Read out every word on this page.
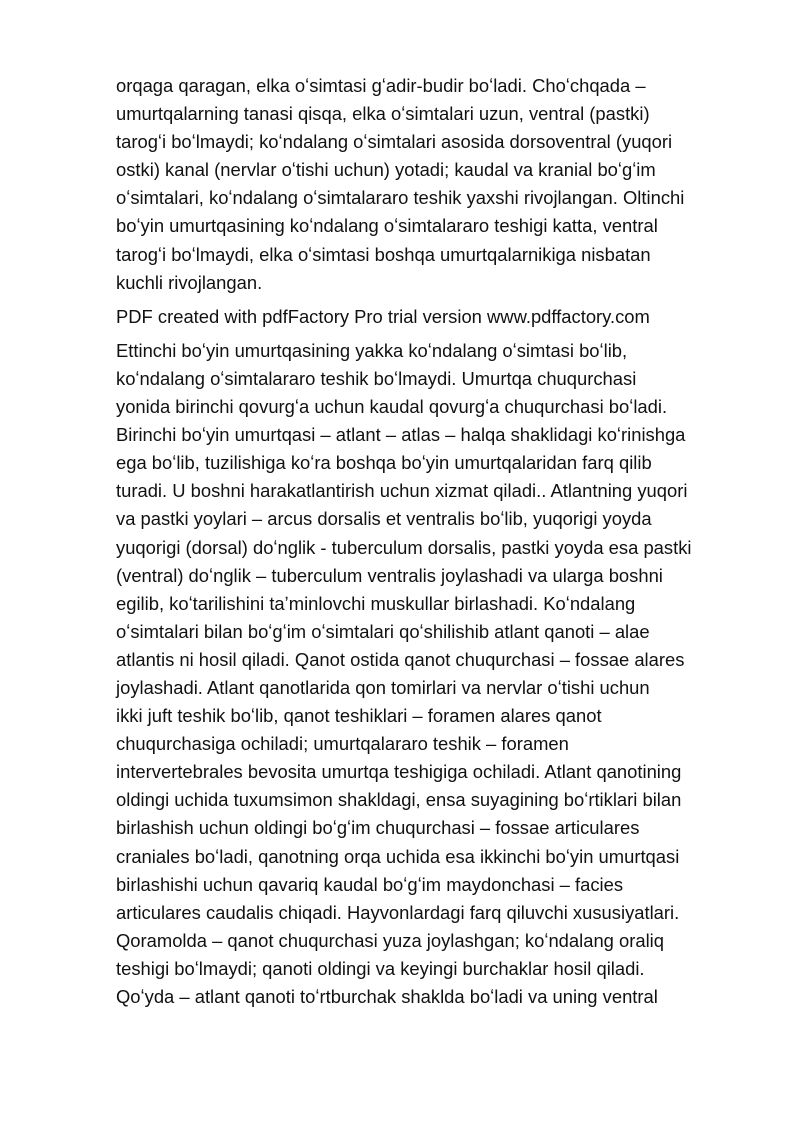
orqaga qaragan, elka oʻsimtasi gʻadir-budir boʻladi. Choʻchqada –
umurtqalarning tanasi qisqa, elka oʻsimtalari uzun, ventral (pastki)
tarogʻi boʻlmaydi; koʻndalang oʻsimtalari asosida dorsoventral (yuqori
ostki) kanal (nervlar oʻtishi uchun) yotadi; kaudal va kranial boʻgʻim
oʻsimtalari, koʻndalang oʻsimtalararo teshik yaxshi rivojlangan. Oltinchi
boʻyin umurtqasining koʻndalang oʻsimtalararo teshigi katta, ventral
tarogʻi boʻlmaydi, elka oʻsimtasi boshqa umurtqalarnikiga nisbatan
kuchli rivojlangan.

PDF created with pdfFactory Pro trial version www.pdffactory.com

Ettinchi boʻyin umurtqasining yakka koʻndalang oʻsimtasi boʻlib,
koʻndalang oʻsimtalararo teshik boʻlmaydi. Umurtqa chuqurchasi
yonida birinchi qovurgʻa uchun kaudal qovurgʻa chuqurchasi boʻladi.
Birinchi boʻyin umurtqasi – atlant – atlas – halqa shaklidagi koʻrinishga
ega boʻlib, tuzilishiga koʻra boshqa boʻyin umurtqalaridan farq qilib
turadi. U boshni harakatlantirish uchun xizmat qiladi.. Atlantning yuqori
va pastki yoylari – arcus dorsalis et ventralis boʻlib, yuqorigi yoyda
yuqorigi (dorsal) doʻnglik - tuberculum dorsalis, pastki yoyda esa pastki
(ventral) doʻnglik – tuberculum ventralis joylashadi va ularga boshni
egilib, koʻtarilishini taʼminlovchi muskullar birlashadi. Koʻndalang
oʻsimtalari bilan boʻgʻim oʻsimtalari qoʻshilishib atlant qanoti – alae
atlantis ni hosil qiladi. Qanot ostida qanot chuqurchasi – fossae alares
joylashadi. Atlant qanotlarida qon tomirlari va nervlar oʻtishi uchun
ikki juft teshik boʻlib, qanot teshiklari – foramen alares qanot
chuqurchasiga ochiladi; umurtqalararo teshik – foramen
intervertebrales bevosita umurtqa teshigiga ochiladi. Atlant qanotining
oldingi uchida tuxumsimon shakldagi, ensa suyagining boʻrtiklari bilan
birlashish uchun oldingi boʻgʻim chuqurchasi – fossae articulares
craniales boʻladi, qanotning orqa uchida esa ikkinchi boʻyin umurtqasi
birlashishi uchun qavariq kaudal boʻgʻim maydonchasi – facies
articulares caudalis chiqadi. Hayvonlardagi farq qiluvchi xususiyatlari.
Qoramolda – qanot chuqurchasi yuza joylashgan; koʻndalang oraliq
teshigi boʻlmaydi; qanoti oldingi va keyingi burchaklar hosil qiladi.
Qoʻyda – atlant qanoti toʻrtburchak shaklda boʻladi va uning ventral
